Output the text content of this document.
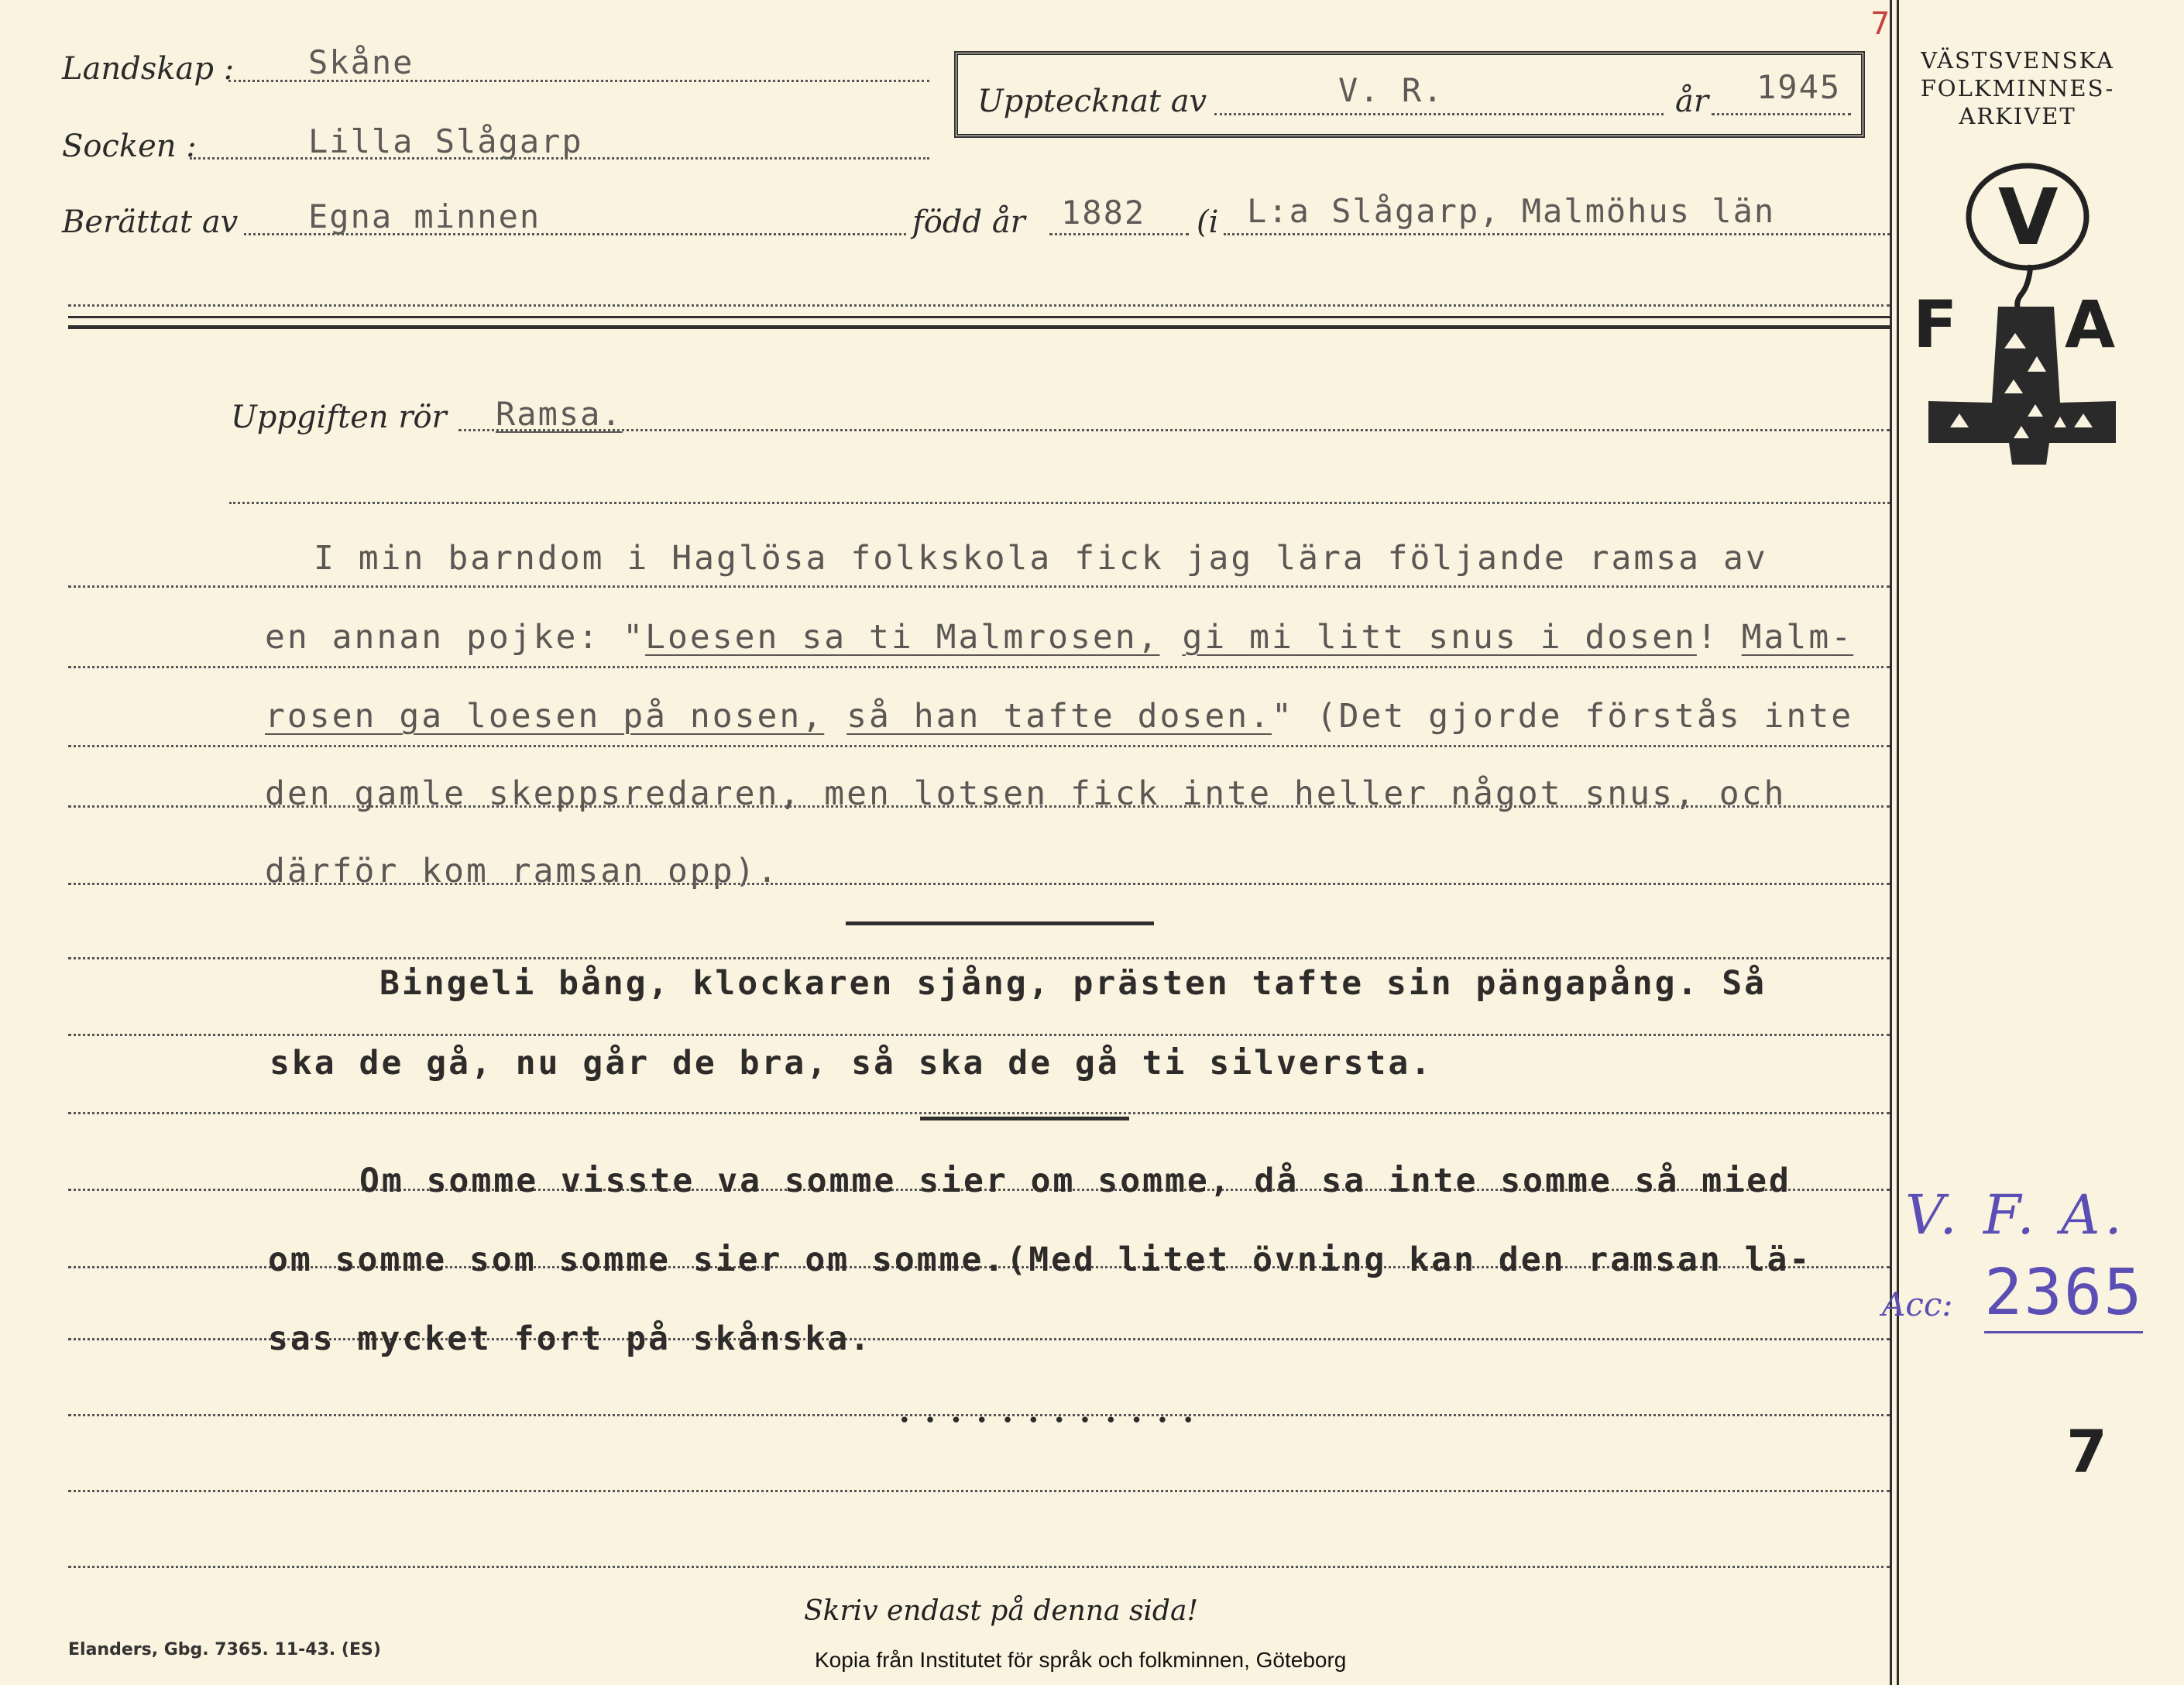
Landskap : Skåne
Socken :	Lilla Slågarp
Berättat av Egna minnen	född år 1882 (i L:a Slågarp, Malmöhus län
Upptecknat av	V. R.	år 1945
7
VÄSTSVENSKA
FOLKMINNES-
ARKIVET
V
F A
V. F. A.
Acc: 2365
7
Uppgiften rör Ramsa.
I min barndom i Haglösa folkskola fick jag lära följande ramsa av
en annan pojke: "Loesen sa ti Malmrosen, gi mi litt snus i dosen! Malm-
rosen ga loesen på nosen, så han tafte dosen." (Det gjorde förstås inte
den gamle skeppsredaren, men lotsen fick inte heller något snus, och
därför kom ramsan opp).
Bingeli bång, klockaren sjång, prästen tafte sin pängapång. Så
ska de gå, nu går de bra, så ska de gå ti silversta.
Om somme visste va somme sier om somme, då sa inte somme så mied
om somme som somme sier om somme.(Med litet övning kan den ramsan lä-
sas mycket fort på skånska.
• • • • • • • • • • • •
Skriv endast på denna sida!
Elanders, Gbg. 7365. 11-43. (ES)	Kopia från Institutet för språk och folkminnen, Göteborg
